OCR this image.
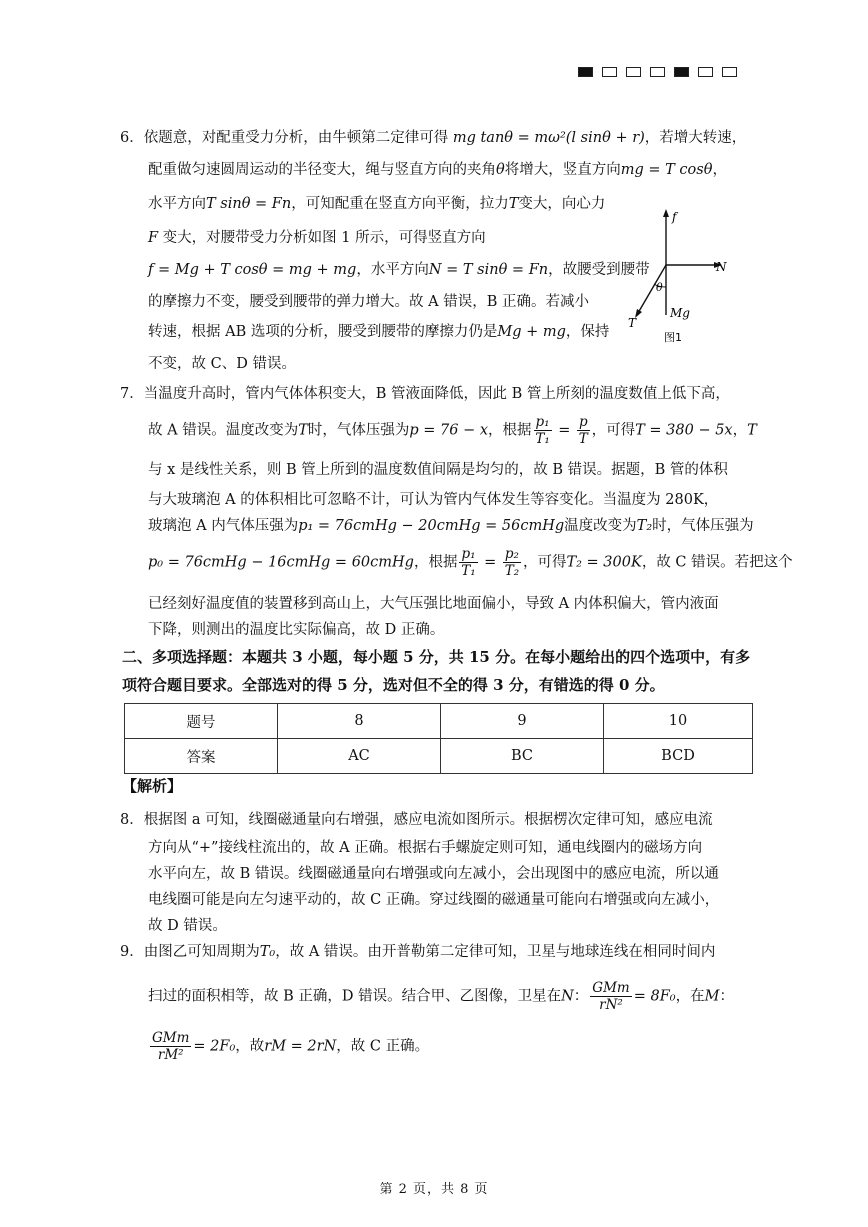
6．依题意，对配重受力分析，由牛顿第二定律可得 mg tanθ = mω²(l sinθ + r)，若增大转速，
配重做匀速圆周运动的半径变大，绳与竖直方向的夹角θ将增大，竖直方向mg = T cosθ，
水平方向T sinθ = Fn，可知配重在竖直方向平衡，拉力T变大，向心力
F 变大，对腰带受力分析如图 1 所示，可得竖直方向
f = Mg + T cosθ = mg + mg，水平方向N = T sinθ = Fn，故腰受到腰带
的摩擦力不变，腰受到腰带的弹力增大。故 A 错误，B 正确。若减小
转速，根据 AB 选项的分析，腰受到腰带的摩擦力仍是Mg + mg，保持
不变，故 C、D 错误。
f
N
θ
T
Mg
图1
7．当温度升高时，管内气体体积变大，B 管液面降低，因此 B 管上所刻的温度数值上低下高，
故 A 错误。温度改变为T时，气体压强为p = 76 − x，根据 $\frac{\text{p₁}}{\text{T₁}} = \frac{p}{T}$ ，可得T = 380 − 5x，T
与 x 是线性关系，则 B 管上所到的温度数值间隔是均匀的，故 B 错误。据题，B 管的体积
与大玻璃泡 A 的体积相比可忽略不计，可认为管内气体发生等容变化。当温度为 280K，
玻璃泡 A 内气体压强为p₁ = 76cmHg − 20cmHg = 56cmHg温度改变为T₂时，气体压强为
p₀ = 76cmHg − 16cmHg = 60cmHg，根据 $\frac{\text{p₁}}{\text{T₁}} = \frac{\text{p₂}}{\text{T₂}}$ ，可得T₂ = 300K，故 C 错误。若把这个
已经刻好温度值的装置移到高山上，大气压强比地面偏小，导致 A 内体积偏大，管内液面
下降，则测出的温度比实际偏高，故 D 正确。
二、多项选择题：本题共 3 小题，每小题 5 分，共 15 分。在每小题给出的四个选项中，有多
项符合题目要求。全部选对的得 5 分，选对但不全的得 3 分，有错选的得 0 分。
题号	8	9	10
答案	AC	BC	BCD
【解析】
8．根据图 a 可知，线圈磁通量向右增强，感应电流如图所示。根据楞次定律可知，感应电流
方向从“+”接线柱流出的，故 A 正确。根据右手螺旋定则可知，通电线圈内的磁场方向
水平向左，故 B 错误。线圈磁通量向右增强或向左减小，会出现图中的感应电流，所以通
电线圈可能是向左匀速平动的，故 C 正确。穿过线圈的磁通量可能向右增强或向左减小，
故 D 错误。
9．由图乙可知周期为T₀，故 A 错误。由开普勒第二定律可知，卫星与地球连线在相同时间内
扫过的面积相等，故 B 正确，D 错误。结合甲、乙图像，卫星在N： $\frac{\text{GMm}}{\text{rN²}} = 8F_0$，在M：
$\frac{\text{GMm}}{\text{rM²}} = 2F_0$，故rM = 2rN，故 C 正确。
第 2 页，共 8 页
